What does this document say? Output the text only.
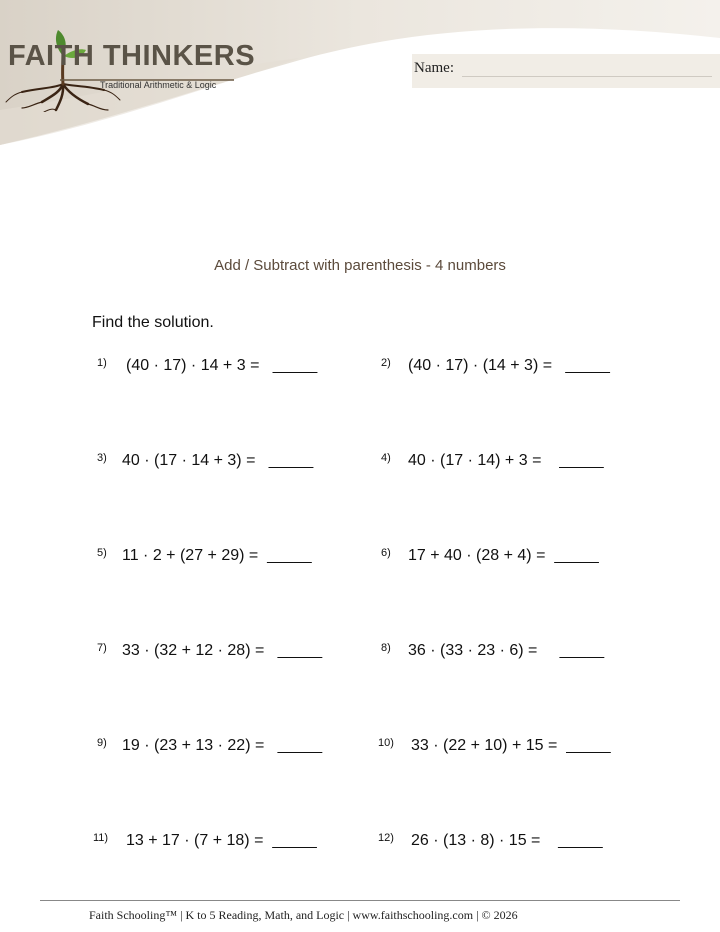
FAITH THINKERS
Traditional Arithmetic & Logic
Name:
Add / Subtract with parenthesis - 4 numbers
Find the solution.
1) (40 · 17) · 14 + 3 =   _____	2) (40 · 17) · (14 + 3) =   _____
3) 40 · (17 · 14 + 3) =   _____	4) 40 · (17 · 14) + 3 =    _____
5) 11 · 2 + (27 + 29) =  _____	6) 17 + 40 · (28 + 4) =  _____
7) 33 · (32 + 12 · 28) =   _____	8) 36 · (33 · 23 · 6) =     _____
9) 19 · (23 + 13 · 22) =   _____	10) 33 · (22 + 10) + 15 =  _____
11) 13 + 17 · (7 + 18) =  _____	12) 26 · (13 · 8) · 15 =    _____
Faith Schooling™ | K to 5 Reading, Math, and Logic | www.faithschooling.com | © 2026
